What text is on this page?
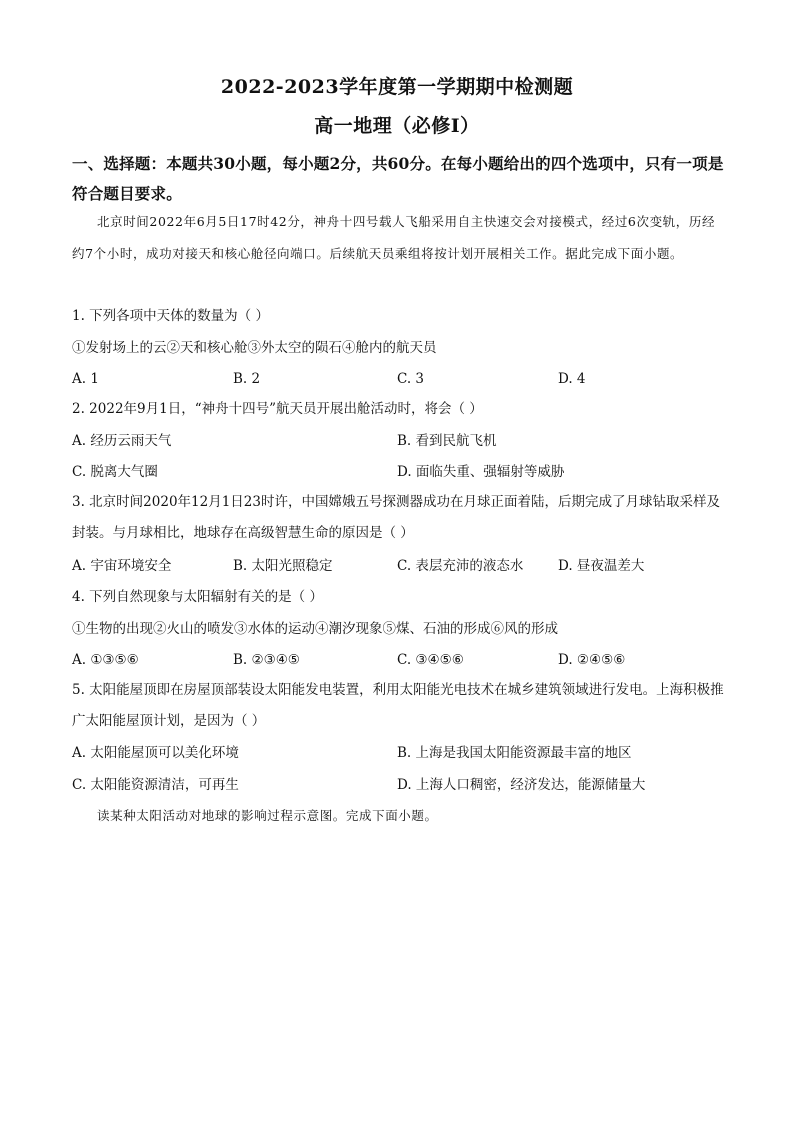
2022-2023学年度第一学期期中检测题
高一地理（必修Ⅰ）
一、选择题：本题共30小题，每小题2分，共60分。在每小题给出的四个选项中，只有一项是符合题目要求。
北京时间2022年6月5日17时42分，神舟十四号载人飞船采用自主快速交会对接模式，经过6次变轨，历经约7个小时，成功对接天和核心舱径向端口。后续航天员乘组将按计划开展相关工作。据此完成下面小题。
1. 下列各项中天体的数量为（ ）
①发射场上的云②天和核心舱③外太空的陨石④舱内的航天员
A. 1	B. 2	C. 3	D. 4
2. 2022年9月1日，“神舟十四号”航天员开展出舱活动时，将会（ ）
A. 经历云雨天气	B. 看到民航飞机
C. 脱离大气圈	D. 面临失重、强辐射等威胁
3. 北京时间2020年12月1日23时许，中国嫦娥五号探测器成功在月球正面着陆，后期完成了月球钻取采样及封装。与月球相比，地球存在高级智慧生命的原因是（ ）
A. 宇宙环境安全	B. 太阳光照稳定	C. 表层充沛的液态水	D. 昼夜温差大
4. 下列自然现象与太阳辐射有关的是（ ）
①生物的出现②火山的喷发③水体的运动④潮汐现象⑤煤、石油的形成⑥风的形成
A. ①③⑤⑥	B. ②③④⑤	C. ③④⑤⑥	D. ②④⑤⑥
5. 太阳能屋顶即在房屋顶部装设太阳能发电装置，利用太阳能光电技术在城乡建筑领域进行发电。上海积极推广太阳能屋顶计划，是因为（ ）
A. 太阳能屋顶可以美化环境	B. 上海是我国太阳能资源最丰富的地区
C. 太阳能资源清洁，可再生	D. 上海人口稠密，经济发达，能源储量大
读某种太阳活动对地球的影响过程示意图。完成下面小题。
